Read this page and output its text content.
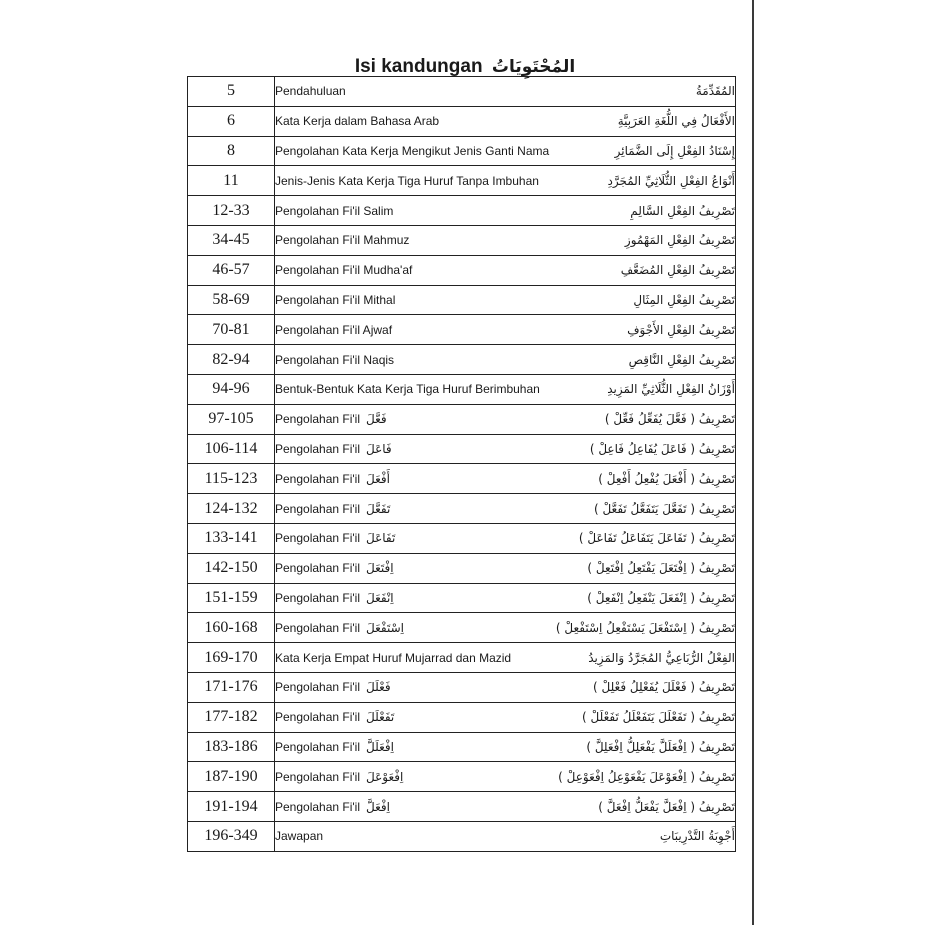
Isi kandungan المُحْتَوِيَاتُ
5	Pendahuluan المُقَدِّمَةُ

6	Kata Kerja dalam Bahasa Arab الأَفْعَالُ فِي اللُّغَةِ العَرَبِيَّةِ

8	Pengolahan Kata Kerja Mengikut Jenis Ganti Nama إِسْنَادُ الفِعْلِ إِلَى الضَّمَائِرِ

11	Jenis-Jenis Kata Kerja Tiga Huruf Tanpa Imbuhan أَنْوَاعُ الفِعْلِ الثُّلَاثِيِّ المُجَرَّدِ

12-33	Pengolahan Fi'il Salim تَصْرِيفُ الفِعْلِ السَّالِمِ

34-45	Pengolahan Fi'il Mahmuz تَصْرِيفُ الفِعْلِ المَهْمُوزِ

46-57	Pengolahan Fi'il Mudha'af تَصْرِيفُ الفِعْلِ المُضَعَّفِ

58-69	Pengolahan Fi'il Mithal تَصْرِيفُ الفِعْلِ المِثَالِ

70-81	Pengolahan Fi'il Ajwaf تَصْرِيفُ الفِعْلِ الأَجْوَفِ

82-94	Pengolahan Fi'il Naqis تَصْرِيفُ الفِعْلِ النَّاقِصِ

94-96	Bentuk-Bentuk Kata Kerja Tiga Huruf Berimbuhan أَوْزَانُ الفِعْلِ الثُّلَاثِيِّ المَزِيدِ

97-105	Pengolahan Fi'il فَعَّلَ تَصْرِيفُ ( فَعَّلَ يُفَعِّلُ فَعِّلْ )

106-114	Pengolahan Fi'il فَاعَلَ تَصْرِيفُ ( فَاعَلَ يُفَاعِلُ فَاعِلْ )

115-123	Pengolahan Fi'il أَفْعَلَ تَصْرِيفُ ( أَفْعَلَ يُفْعِلُ أَفْعِلْ )

124-132	Pengolahan Fi'il تَفَعَّلَ تَصْرِيفُ ( تَفَعَّلَ يَتَفَعَّلُ تَفَعَّلْ )

133-141	Pengolahan Fi'il تَفَاعَلَ تَصْرِيفُ ( تَفَاعَلَ يَتَفَاعَلُ تَفَاعَلْ )

142-150	Pengolahan Fi'il اِفْتَعَلَ تَصْرِيفُ ( اِفْتَعَلَ يَفْتَعِلُ اِفْتَعِلْ )

151-159	Pengolahan Fi'il اِنْفَعَلَ تَصْرِيفُ ( اِنْفَعَلَ يَنْفَعِلُ اِنْفَعِلْ )

160-168	Pengolahan Fi'il اِسْتَفْعَلَ تَصْرِيفُ ( اِسْتَفْعَلَ يَسْتَفْعِلُ اِسْتَفْعِلْ )

169-170	Kata Kerja Empat Huruf Mujarrad dan Mazid الفِعْلُ الرُّبَاعِيُّ المُجَرَّدُ وَالمَزِيدُ

171-176	Pengolahan Fi'il فَعْلَلَ تَصْرِيفُ ( فَعْلَلَ يُفَعْلِلُ فَعْلِلْ )

177-182	Pengolahan Fi'il تَفَعْلَلَ تَصْرِيفُ ( تَفَعْلَلَ يَتَفَعْلَلُ تَفَعْلَلْ )

183-186	Pengolahan Fi'il اِفْعَلَلَّ تَصْرِيفُ ( اِفْعَلَلَّ يَفْعَلِلُّ اِفْعَلِلَّ )

187-190	Pengolahan Fi'il اِفْعَوْعَلَ تَصْرِيفُ ( اِفْعَوْعَلَ يَفْعَوْعِلُ اِفْعَوْعِلْ )

191-194	Pengolahan Fi'il اِفْعَلَّ تَصْرِيفُ ( اِفْعَلَّ يَفْعَلُّ اِفْعَلَّ )

196-349	Jawapan أَجْوِبَةُ التَّدْرِيبَاتِ
